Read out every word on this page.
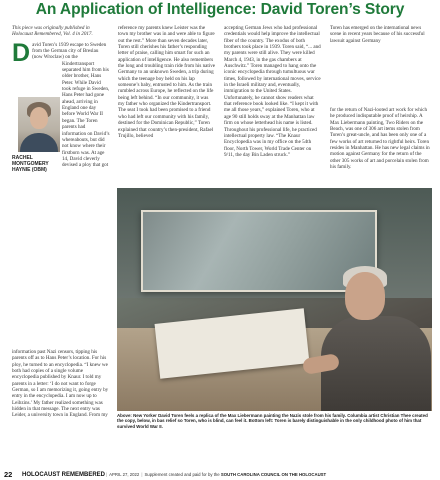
An Application of Intelligence: David Toren’s Story

This piece was originally published in Holocaust Remembered, Vol. 4 in 2017.

D avid Toren’s 1939 escape to Sweden from the German city of Breslau (now Wroclaw) on the Kindertransport separated him from his older brother, Hans Peter. While David took refuge in Sweden, Hans Peter had gone ahead, arriving in England one day before World War II began. The Toren parents had information on David’s whereabouts, but did not know where their firstborn was. At age 14, David cleverly devised a ploy that got
RACHEL MONTGOMERY HAYNIE (OBM)
reference my parents knew Leister was the town my brother was in and were able to figure out the rest.” More than seven decades later, Toren still cherishes his father’s responding letter of praise, calling him smart for such an application of intelligence. He also remembers the long and troubling train ride from his native Germany to an unknown Sweden, a trip during which the teenage boy held on his lap someone’s baby, entrusted to him. As the train rumbled across Europe, he reflected on the life being left behind. “In our community, it was my father who organized the Kindertransport. The seat I took had been promised to a friend who had left our community with his family, destined for the Dominican Republic,” Toren explained that country’s then-president, Rafael Trujillo, believed
accepting German Jews who had professional credentials would help improve the intellectual fiber of the country. The exodus of both brothers took place in 1939. Toren said, “... and my parents were still alive. They were killed March 4, 1943, in the gas chambers at Auschwitz.” Toren managed to hang onto the iconic encyclopedia through tumultuous war times, followed by international moves, service in the Israeli military and, eventually, immigration to the United States. Unfortunately, he cannot show readers what that reference book looked like. “I kept it with me all those years,” explained Toren, who at age 90 still holds sway at the Manhattan law firm on whose letterhead his name is listed. Throughout his professional life, he practiced intellectual property law. “The Knaur Encyclopedia was in my office on the 54th floor, North Tower, World Trade Center on 9/11, the day Bin Laden struck.”
Toren has emerged on the international news scene in recent years because of his successful lawsuit against Germany
for the return of Nazi-looted art work for which he produced indisputable proof of heirship. A Max Liebermann painting, Two Riders on the Beach, was one of 306 art items stolen from Toren’s great-uncle, and has been only one of a few works of art returned to rightful heirs. Toren resides in Manhattan. He has new legal claims in motion against Germany for the return of the other 305 works of art and porcelain stolen from his family.
information past Nazi censors, tipping his parents off as to Hans Peter’s location. For his ploy, he turned to an encyclopedia. “I knew we both had copies of a single volume encyclopedia published by Knaur. I told my parents in a letter: ‘I do not want to forge German, so I am memorizing it, going entry by entry in the encyclopedia. I am now up to Leibzins.’ My father realized something was hidden in that message. The next entry was Leider, a university town in England. From my	Above: New Yorker David Toren feels a replica of the Max Liebermann painting the Nazis stole from his family. Columbia artist Christian Thee created the copy, below, in bas relief so Toren, who is blind, can feel it. Bottom left: Toren is barely distinguishable in the only childhood photo of him that survived World War II.
22 HOLOCAUST REMEMBERED | APRIL 27, 2022 | Supplement created and paid for by the SOUTH CAROLINA COUNCIL ON THE HOLOCAUST
